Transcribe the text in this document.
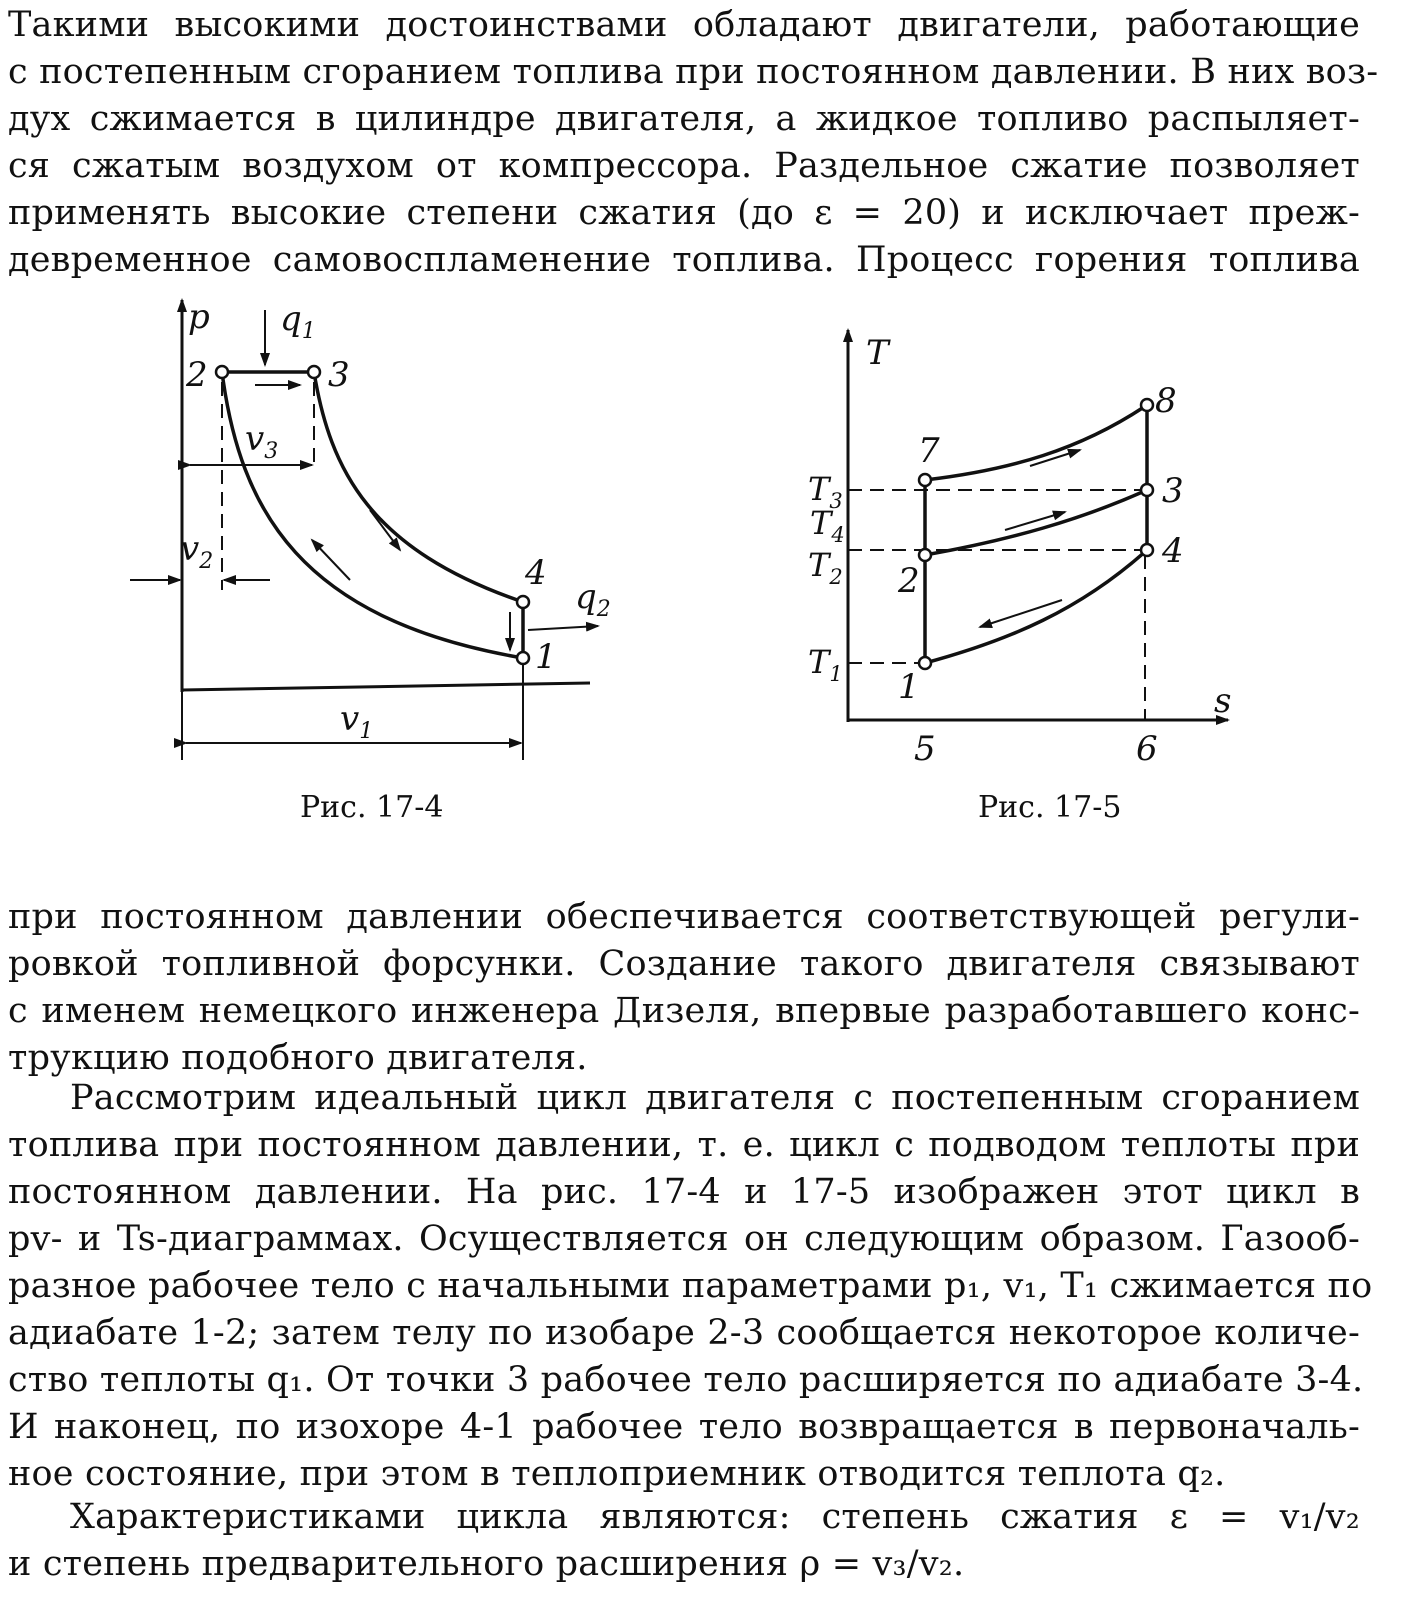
Такими высокими достоинствами обладают двигатели, работающие
с постепенным сгоранием топлива при постоянном давлении. В них воз-
дух сжимается в цилиндре двигателя, а жидкое топливо распыляет-
ся сжатым воздухом от компрессора. Раздельное сжатие позволяет
применять высокие степени сжатия (до ε = 20) и исключает преж-
девременное самовоспламенение топлива. Процесс горения топлива
p $q_1$
2	3
4
1
$q_2$
$v_3$
$v_2$
$v_1$
Рис. 17-4
T
s
7
8
3
2
4
1
5	6
$T_3$
$T_4$
$T_2$
$T_1$
Рис. 17-5
при постоянном давлении обеспечивается соответствующей регули-
ровкой топливной форсунки. Создание такого двигателя связывают
с именем немецкого инженера Дизеля, впервые разработавшего конс-
трукцию подобного двигателя.
Рассмотрим идеальный цикл двигателя с постепенным сгоранием
топлива при постоянном давлении, т. е. цикл с подводом теплоты при
постоянном давлении. На рис. 17-4 и 17-5 изображен этот цикл в
pv- и Ts-диаграммах. Осуществляется он следующим образом. Газооб-
разное рабочее тело с начальными параметрами p₁, v₁, T₁ сжимается по
адиабате 1-2; затем телу по изобаре 2-3 сообщается некоторое количе-
ство теплоты q₁. От точки 3 рабочее тело расширяется по адиабате 3-4.
И наконец, по изохоре 4-1 рабочее тело возвращается в первоначаль-
ное состояние, при этом в теплоприемник отводится теплота q₂.
Характеристиками цикла являются: степень сжатия ε = v₁/v₂
и степень предварительного расширения ρ = v₃/v₂.
